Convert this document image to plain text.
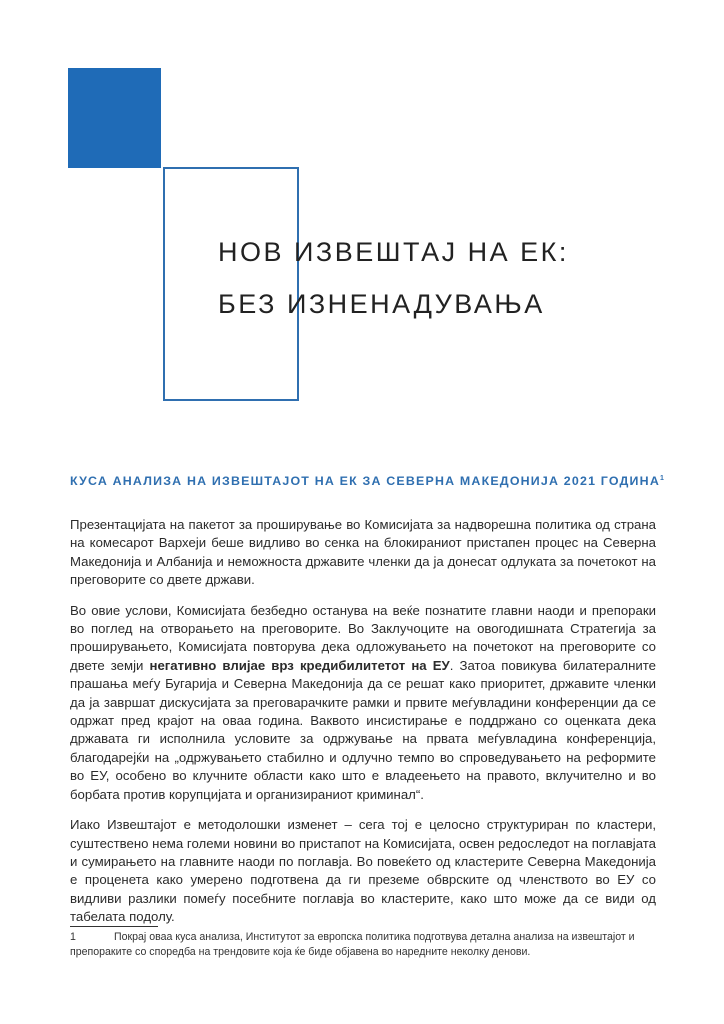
НОВ ИЗВЕШТАЈ НА ЕК:
БЕЗ ИЗНЕНАДУВАЊА
КУСА АНАЛИЗА НА ИЗВЕШТАЈОТ НА ЕК ЗА СЕВЕРНА МАКЕДОНИЈА 2021 ГОДИНА$^1$

Презентацијата на пакетот за проширување во Комисијата за надворешна политика од страна на комесарот Вархеји беше видливо во сенка на блокираниот пристапен процес на Северна Македонија и Албанија и неможноста државите членки да ја донесат одлуката за почетокот на преговорите со двете држави.

Во овие услови, Комисијата безбедно останува на веќе познатите главни наоди и препораки во поглед на отворањето на преговорите. Во Заклучоците на овогодишната Стратегија за проширувањето, Комисијата повторува дека одложувањето на почетокот на преговорите со двете земји негативно влијае врз кредибилитетот на ЕУ. Затоа повикува билатералните прашања меѓу Бугарија и Северна Македонија да се решат како приоритет, државите членки да ја завршат дискусијата за преговарачките рамки и првите меѓувладини конференции да се одржат пред крајот на оваа година. Ваквото инсистирање е поддржано со оценката дека државата ги исполнила условите за одржување на првата меѓувладина конференција, благодарејќи на „одржувањето стабилно и одлучно темпо во спроведувањето на реформите во ЕУ, особено во клучните области како што е владеењето на правото, вклучително и во борбата против корупцијата и организираниот криминал“.

Иако Извештајот е методолошки изменет – сега тој е целосно структуриран по кластери, суштествено нема големи новини во пристапот на Комисијата, освен редоследот на поглавјата и сумирањето на главните наоди по поглавја. Во повеќето од кластерите Северна Македонија е проценета како умерено подготвена да ги преземе обврските од членството во ЕУ со видливи разлики помеѓу посебните поглавја во кластерите, како што може да се види од табелата подолу.

1	Покрај оваа куса анализа, Институтот за европска политика подготвува детална анализа на извештајот и препораките со споредба на трендовите која ќе биде објавена во наредните неколку денови.
